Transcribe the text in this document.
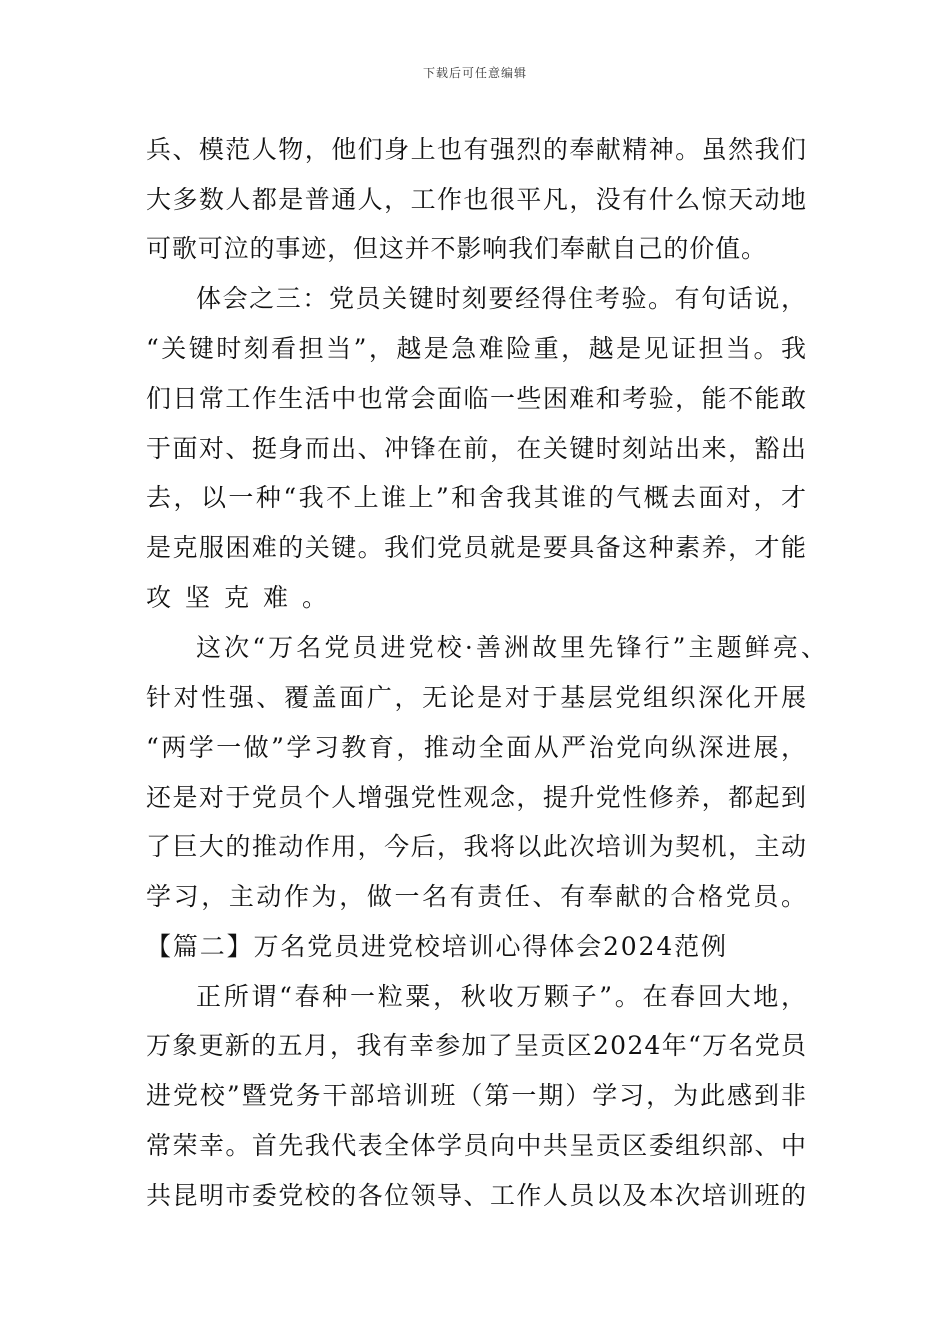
下载后可任意编辑
兵、模范人物，他们身上也有强烈的奉献精神。虽然我们
大多数人都是普通人，工作也很平凡，没有什么惊天动地
可歌可泣的事迹，但这并不影响我们奉献自己的价值。
体会之三：党员关键时刻要经得住考验。有句话说，
“关键时刻看担当”，越是急难险重，越是见证担当。我
们日常工作生活中也常会面临一些困难和考验，能不能敢
于面对、挺身而出、冲锋在前，在关键时刻站出来，豁出
去，以一种“我不上谁上”和舍我其谁的气概去面对，才
是克服困难的关键。我们党员就是要具备这种素养，才能
攻坚克难。
这次“万名党员进党校·善洲故里先锋行”主题鲜亮、
针对性强、覆盖面广，无论是对于基层党组织深化开展
“两学一做”学习教育，推动全面从严治党向纵深进展，
还是对于党员个人增强党性观念，提升党性修养，都起到
了巨大的推动作用，今后，我将以此次培训为契机，主动
学习，主动作为，做一名有责任、有奉献的合格党员。
【篇二】万名党员进党校培训心得体会2024范例
正所谓“春种一粒粟，秋收万颗子”。在春回大地，
万象更新的五月，我有幸参加了呈贡区2024年“万名党员
进党校”暨党务干部培训班（第一期）学习，为此感到非
常荣幸。首先我代表全体学员向中共呈贡区委组织部、中
共昆明市委党校的各位领导、工作人员以及本次培训班的
